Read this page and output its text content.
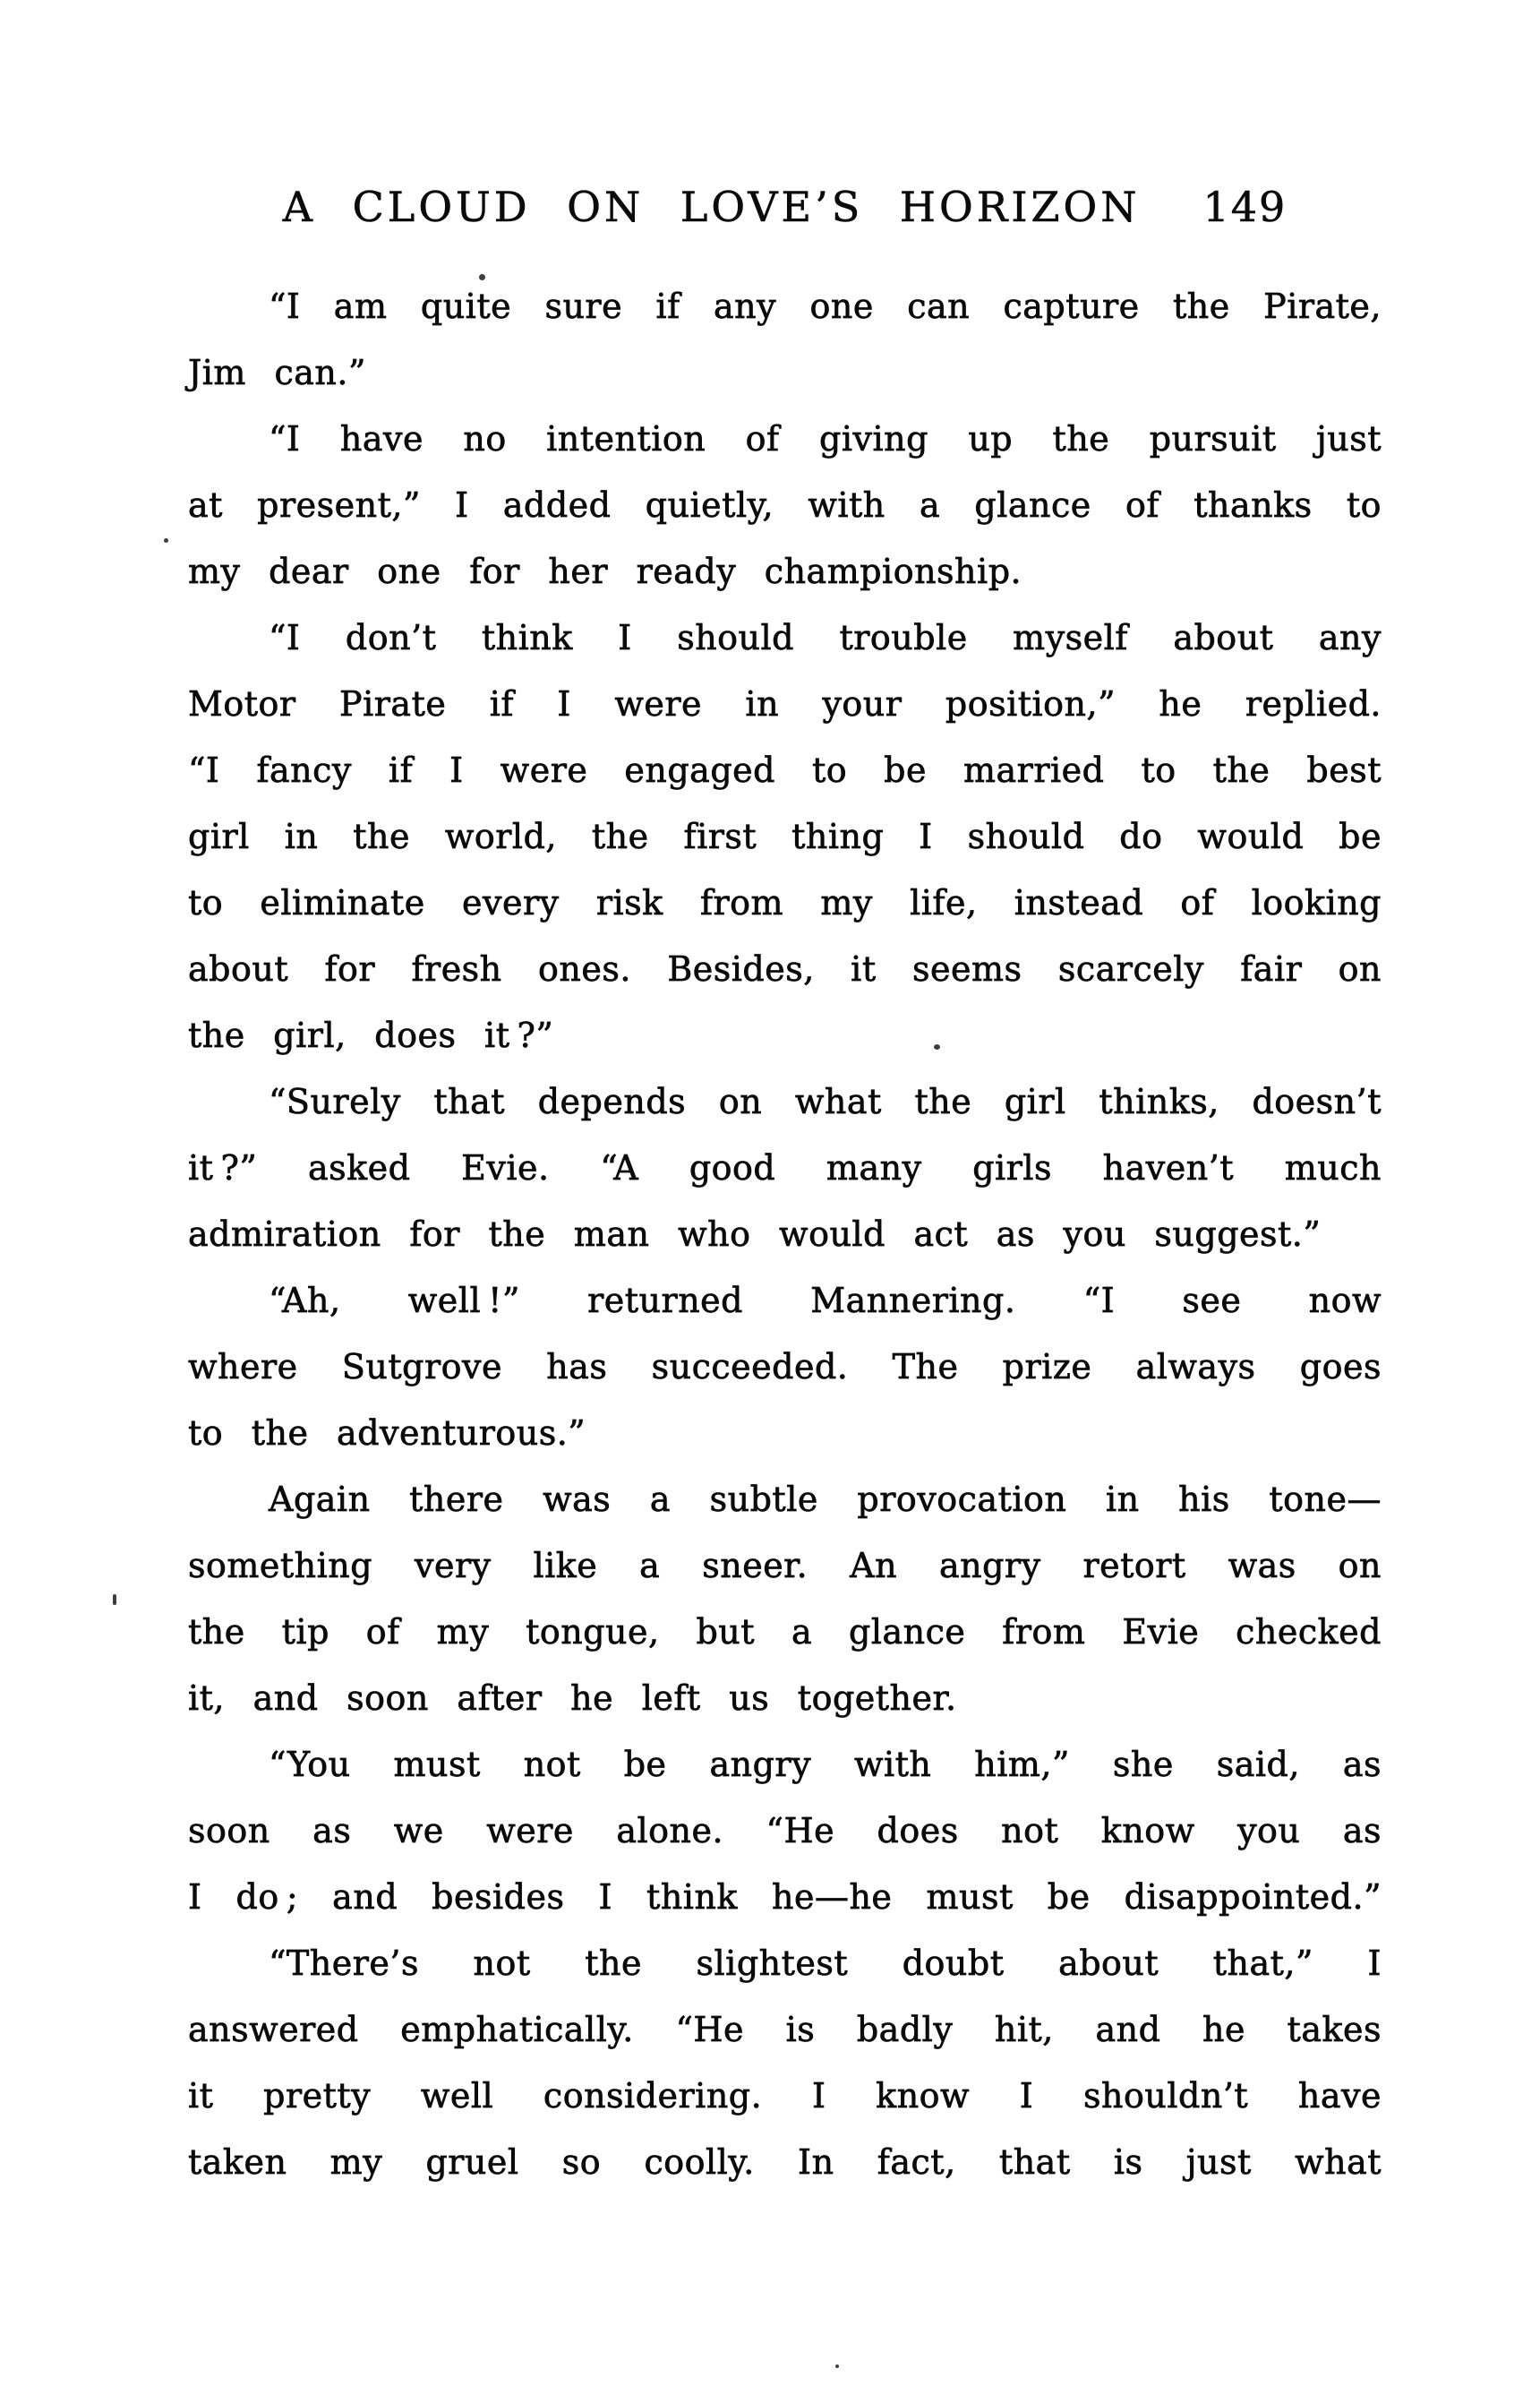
A CLOUD ON LOVE’S HORIZON 149
“I am quite sure if any one can capture the Pirate,
Jim can.”
“I have no intention of giving up the pursuit just
at present,” I added quietly, with a glance of thanks to
my dear one for her ready championship.
“I don’t think I should trouble myself about any
Motor Pirate if I were in your position,” he replied.
“I fancy if I were engaged to be married to the best
girl in the world, the first thing I should do would be
to eliminate every risk from my life, instead of looking
about for fresh ones. Besides, it seems scarcely fair on
the girl, does it ?”
“Surely that depends on what the girl thinks, doesn’t
it ?” asked Evie. “A good many girls haven’t much
admiration for the man who would act as you suggest.”
“Ah, well !” returned Mannering. “I see now
where Sutgrove has succeeded. The prize always goes
to the adventurous.”
Again there was a subtle provocation in his tone—
something very like a sneer. An angry retort was on
the tip of my tongue, but a glance from Evie checked
it, and soon after he left us together.
“You must not be angry with him,” she said, as
soon as we were alone. “He does not know you as
I do ; and besides I think he—he must be disappointed.”
“There’s not the slightest doubt about that,” I
answered emphatically. “He is badly hit, and he takes
it pretty well considering. I know I shouldn’t have
taken my gruel so coolly. In fact, that is just what
